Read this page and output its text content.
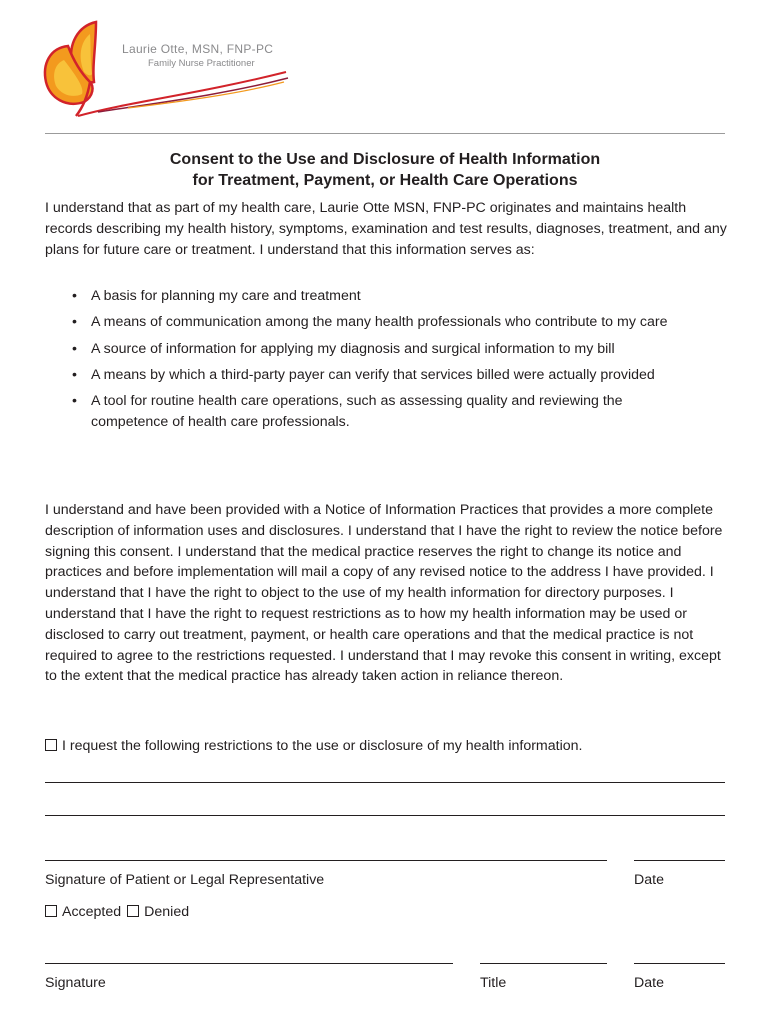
Laurie Otte, MSN, FNP-PC
Family Nurse Practitioner
Consent to the Use and Disclosure of Health Information
for Treatment, Payment, or Health Care Operations
I understand that as part of my health care, Laurie Otte MSN, FNP-PC originates and maintains health records describing my health history, symptoms, examination and test results, diagnoses, treatment, and any plans for future care or treatment. I understand that this information serves as:
• A basis for planning my care and treatment
• A means of communication among the many health professionals who contribute to my care
• A source of information for applying my diagnosis and surgical information to my bill
• A means by which a third-party payer can verify that services billed were actually provided
• A tool for routine health care operations, such as assessing quality and reviewing the competence of health care professionals.
I understand and have been provided with a Notice of Information Practices that provides a more complete description of information uses and disclosures. I understand that I have the right to review the notice before signing this consent. I understand that the medical practice reserves the right to change its notice and practices and before implementation will mail a copy of any revised notice to the address I have provided. I understand that I have the right to object to the use of my health information for directory purposes. I understand that I have the right to request restrictions as to how my health information may be used or disclosed to carry out treatment, payment, or health care operations and that the medical practice is not required to agree to the restrictions requested. I understand that I may revoke this consent in writing, except to the extent that the medical practice has already taken action in reliance thereon.
I request the following restrictions to the use or disclosure of my health information.
Signature of Patient or Legal Representative	Date
Accepted Denied
Signature	Title	Date
